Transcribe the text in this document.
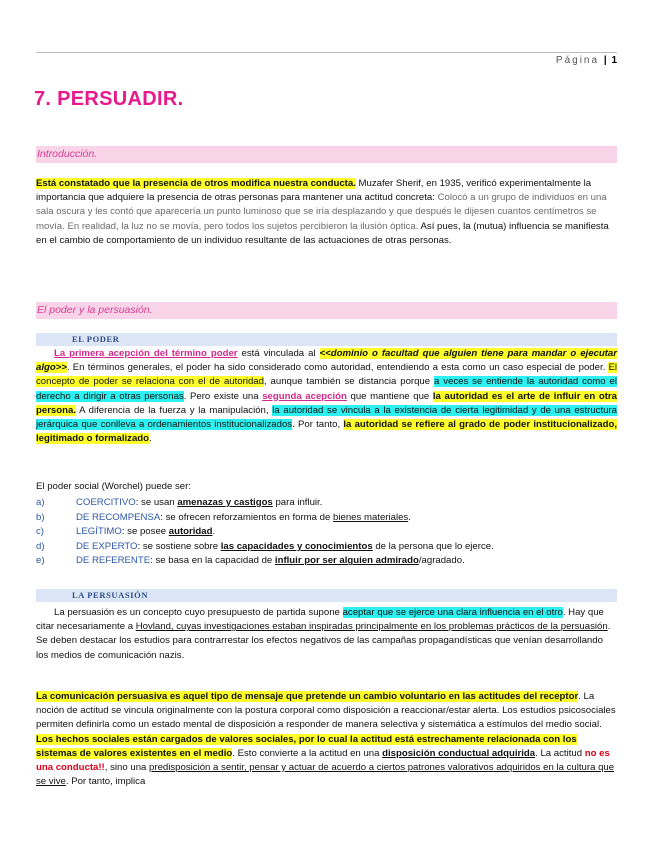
Página | 1
7. PERSUADIR.
Introducción.

Está constatado que la presencia de otros modifica nuestra conducta. Muzafer Sherif, en 1935, verificó experimentalmente la importancia que adquiere la presencia de otras personas para mantener una actitud concreta: Colocó a un grupo de individuos en una sala oscura y les contó que aparecería un punto luminoso que se iría desplazando y que después le dijesen cuantos centímetros se movía. En realidad, la luz no se movía, pero todos los sujetos percibieron la ilusión óptica. Así pues, la (mutua) influencia se manifiesta en el cambio de comportamiento de un individuo resultante de las actuaciones de otras personas.

El poder y la persuasión.
EL PODER

La primera acepción del término poder está vinculada al <<dominio o facultad que alguien tiene para mandar o ejecutar algo>>. En términos generales, el poder ha sido considerado como autoridad, entendiendo a esta como un caso especial de poder. El concepto de poder se relaciona con el de autoridad, aunque también se distancia porque a veces se entiende la autoridad como el derecho a dirigir a otras personas. Pero existe una segunda acepción que mantiene que la autoridad es el arte de influir en otra persona. A diferencia de la fuerza y la manipulación, la autoridad se vincula a la existencia de cierta legitimidad y de una estructura jerárquica que conlleva a ordenamientos institucionalizados. Por tanto, la autoridad se refiere al grado de poder institucionalizado, legitimado o formalizado.

El poder social (Worchel) puede ser:
a)	COERCITIVO: se usan amenazas y castigos para influir.
b)	DE RECOMPENSA: se ofrecen reforzamientos en forma de bienes materiales.
c)	LEGÍTIMO: se posee autoridad.
d)	DE EXPERTO: se sostiene sobre las capacidades y conocimientos de la persona que lo ejerce.
e)	DE REFERENTE: se basa en la capacidad de influir por ser alguien admirado/agradado.
LA PERSUASIÓN

La persuasión es un concepto cuyo presupuesto de partida supone aceptar que se ejerce una clara influencia en el otro. Hay que citar necesariamente a Hovland, cuyas investigaciones estaban inspiradas principalmente en los problemas prácticos de la persuasión. Se deben destacar los estudios para contrarrestar los efectos negativos de las campañas propagandísticas que venían desarrollando los medios de comunicación nazis.

La comunicación persuasiva es aquel tipo de mensaje que pretende un cambio voluntario en las actitudes del receptor. La noción de actitud se vincula originalmente con la postura corporal como disposición a reaccionar/estar alerta. Los estudios psicosociales permiten definirla como un estado mental de disposición a responder de manera selectiva y sistemática a estímulos del medio social. Los hechos sociales están cargados de valores sociales, por lo cual la actitud está estrechamente relacionada con los sistemas de valores existentes en el medio. Esto convierte a la actitud en una disposición conductual adquirida. La actitud no es una conducta!!, sino una predisposición a sentir, pensar y actuar de acuerdo a ciertos patrones valorativos adquiridos en la cultura que se vive. Por tanto, implica
